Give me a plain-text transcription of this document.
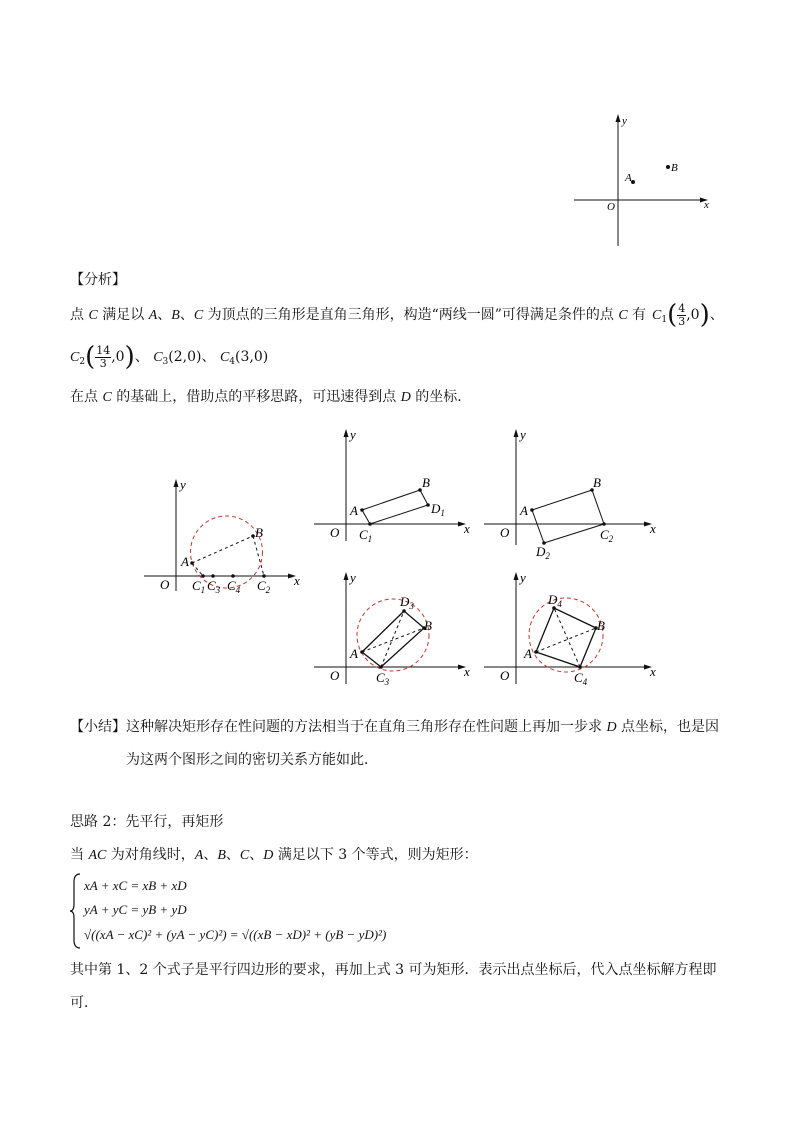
y
x
O
A
B
【分析】
点 C 满足以 A、B、C 为顶点的三角形是直角三角形，构造“两线一圆”可得满足条件的点 C 有 $C_1( \frac{4}{3} ,0)$、
$C_2( \frac{14}{3} ,0)$、 $C_3(2,0)$、 $C_4(3,0)$
在点 C 的基础上，借助点的平移思路，可迅速得到点 D 的坐标．
y
x
O
A
B
$C_1$ $C_3$ $C_4$ $C_2$
y
x
O
A
B
$D_1$
$C_1$
y
x
O
A
B
$D_2$
$C_2$
y
x
O
A
B
$D_3$
$C_3$
y
x
O
A
B
$D_4$
$C_4$
【小结】这种解决矩形存在性问题的方法相当于在直角三角形存在性问题上再加一步求 D 点坐标，也是因
为这两个图形之间的密切关系方能如此．
思路 2：先平行，再矩形
当 AC 为对角线时，A、B、C、D 满足以下 3 个等式，则为矩形：
xA + xC = xB + xD
yA + yC = yB + yD
√((xA − xC)² + (yA − yC)²) = √((xB − xD)² + (yB − yD)²)
其中第 1、2 个式子是平行四边形的要求，再加上式 3 可为矩形．表示出点坐标后，代入点坐标解方程即
可．
